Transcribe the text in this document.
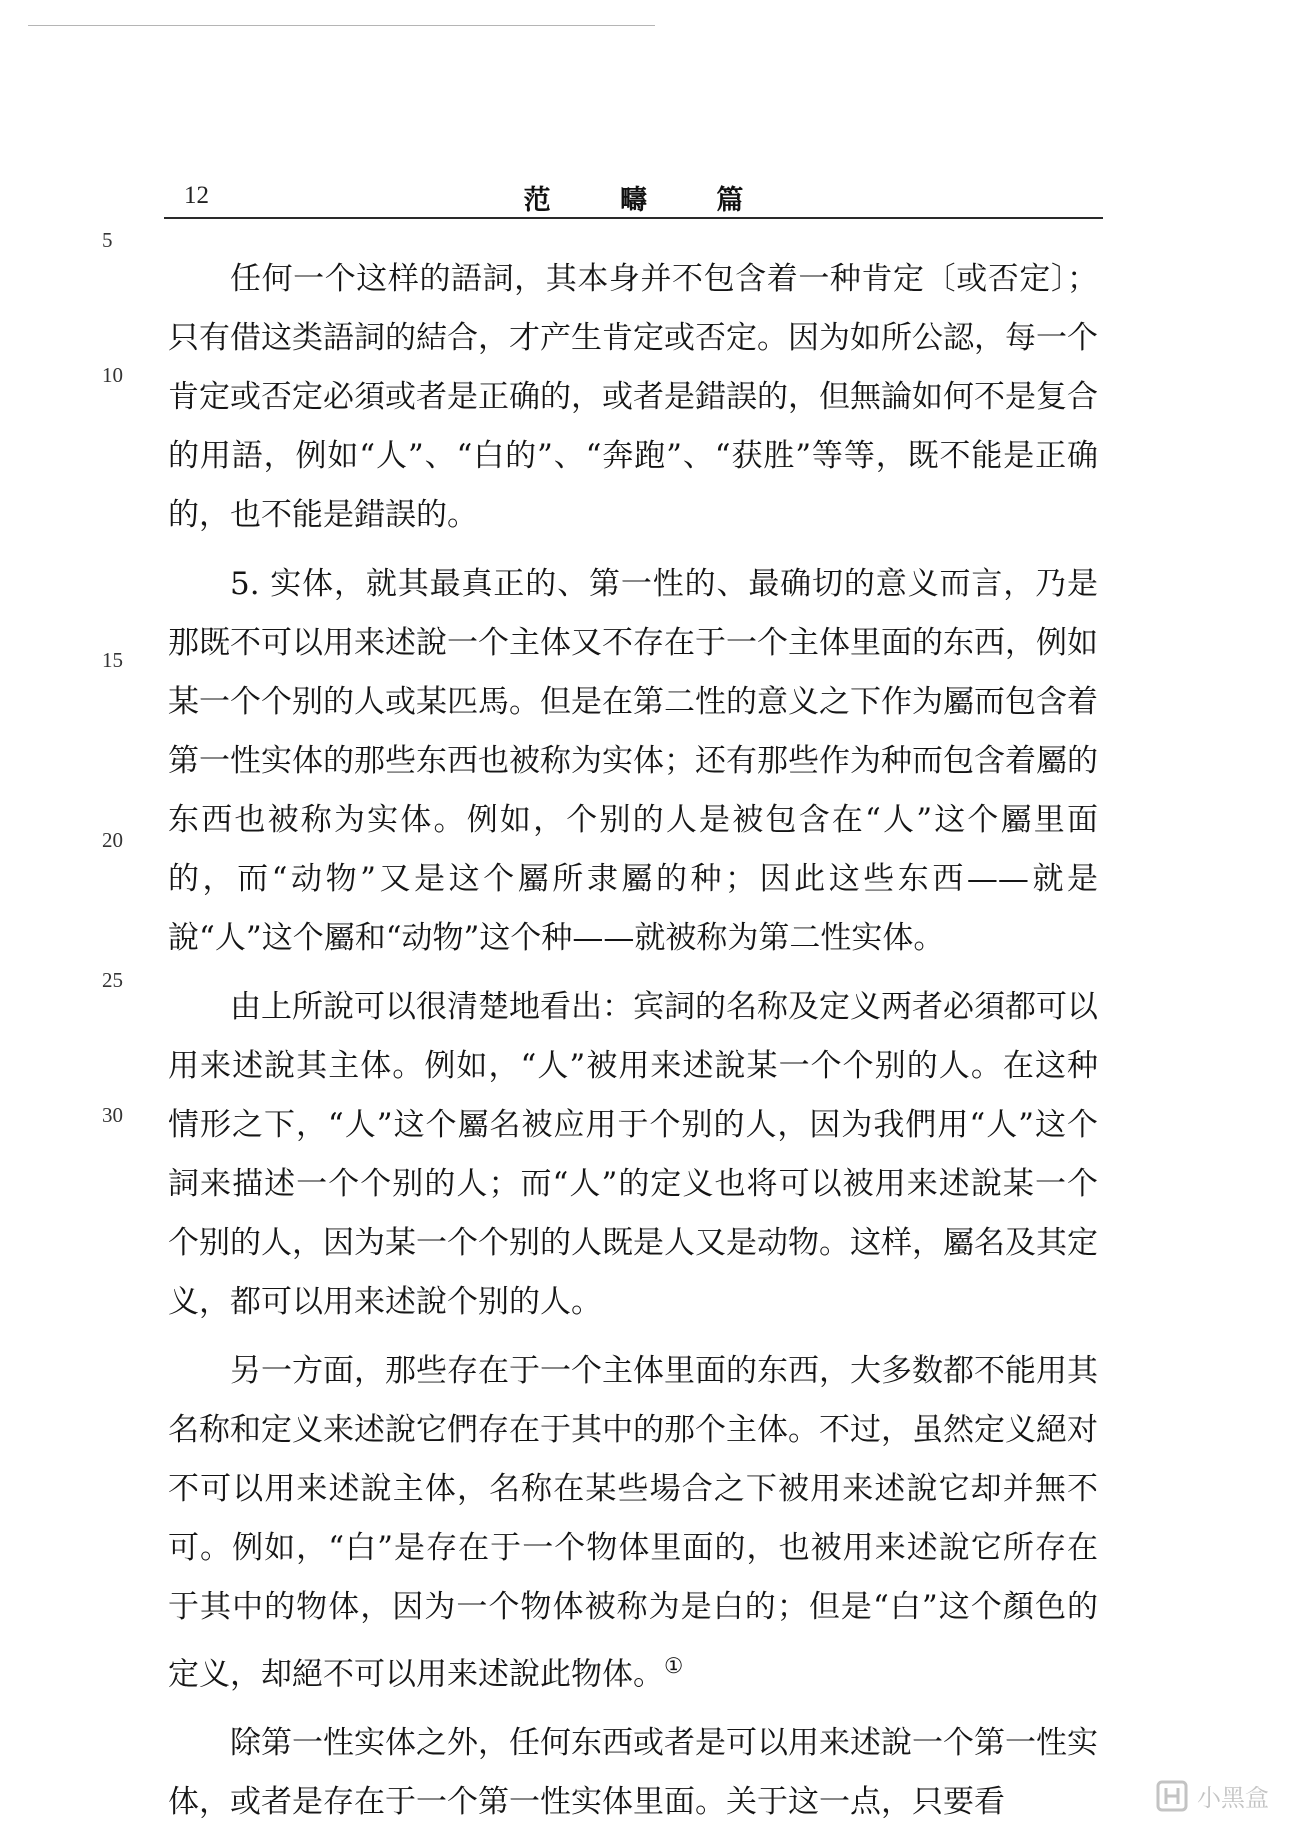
12	范 疇 篇
5
10
15
20
25
30

任何一个这样的語詞，其本身并不包含着一种肯定〔或否定〕；只有借这类語詞的結合，才产生肯定或否定。因为如所公認，每一个肯定或否定必須或者是正确的，或者是錯誤的，但無論如何不是复合的用語，例如“人”、“白的”、“奔跑”、“获胜”等等，既不能是正确的，也不能是錯誤的。

5. 实体，就其最真正的、第一性的、最确切的意义而言，乃是那既不可以用来述說一个主体又不存在于一个主体里面的东西，例如某一个个别的人或某匹馬。但是在第二性的意义之下作为屬而包含着第一性实体的那些东西也被称为实体；还有那些作为种而包含着屬的东西也被称为实体。例如，个别的人是被包含在“人”这个屬里面的，而“动物”又是这个屬所隶屬的种；因此这些东西——就是說“人”这个屬和“动物”这个种——就被称为第二性实体。

由上所說可以很清楚地看出：宾詞的名称及定义两者必須都可以用来述說其主体。例如，“人”被用来述說某一个个别的人。在这种情形之下，“人”这个屬名被应用于个别的人，因为我們用“人”这个詞来描述一个个别的人；而“人”的定义也将可以被用来述說某一个个别的人，因为某一个个别的人既是人又是动物。这样，屬名及其定义，都可以用来述說个别的人。

另一方面，那些存在于一个主体里面的东西，大多数都不能用其名称和定义来述說它們存在于其中的那个主体。不过，虽然定义絕对不可以用来述說主体，名称在某些場合之下被用来述說它却并無不可。例如，“白”是存在于一个物体里面的，也被用来述說它所存在于其中的物体，因为一个物体被称为是白的；但是“白”这个顏色的定义，却絕不可以用来述說此物体。①

除第一性实体之外，任何东西或者是可以用来述說一个第一性实体，或者是存在于一个第一性实体里面。关于这一点，只要看	小黑盒
